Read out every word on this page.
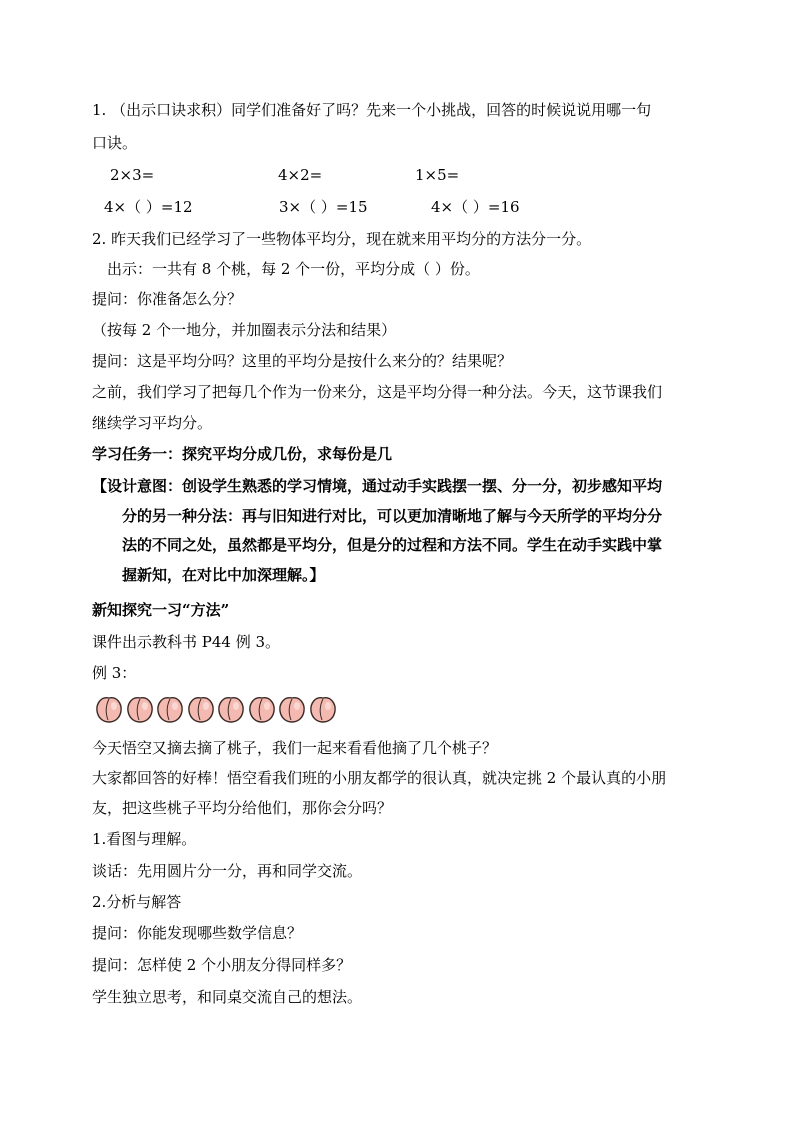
1. （出示口诀求积）同学们准备好了吗？先来一个小挑战，回答的时候说说用哪一句
口诀。
2×3=	4×2=	1×5=
4×（ ）=12	3×（ ）=15	4×（ ）=16
2. 昨天我们已经学习了一些物体平均分，现在就来用平均分的方法分一分。
出示：一共有 8 个桃，每 2 个一份，平均分成（ ）份。
提问：你准备怎么分？
（按每 2 个一地分，并加圈表示分法和结果）
提问：这是平均分吗？这里的平均分是按什么来分的？结果呢？
之前，我们学习了把每几个作为一份来分，这是平均分得一种分法。今天，这节课我们
继续学习平均分。
学习任务一：探究平均分成几份，求每份是几
【设计意图：创设学生熟悉的学习情境，通过动手实践摆一摆、分一分，初步感知平均
分的另一种分法：再与旧知进行对比，可以更加清晰地了解与今天所学的平均分分
法的不同之处，虽然都是平均分，但是分的过程和方法不同。学生在动手实践中掌
握新知，在对比中加深理解。】
新知探究一习“方法”
课件出示教科书 P44 例 3。
例 3：
今天悟空又摘去摘了桃子，我们一起来看看他摘了几个桃子？
大家都回答的好棒！悟空看我们班的小朋友都学的很认真，就决定挑 2 个最认真的小朋
友，把这些桃子平均分给他们，那你会分吗？
1.看图与理解。
谈话：先用圆片分一分，再和同学交流。
2.分析与解答
提问：你能发现哪些数学信息？
提问：怎样使 2 个小朋友分得同样多？
学生独立思考，和同桌交流自己的想法。
